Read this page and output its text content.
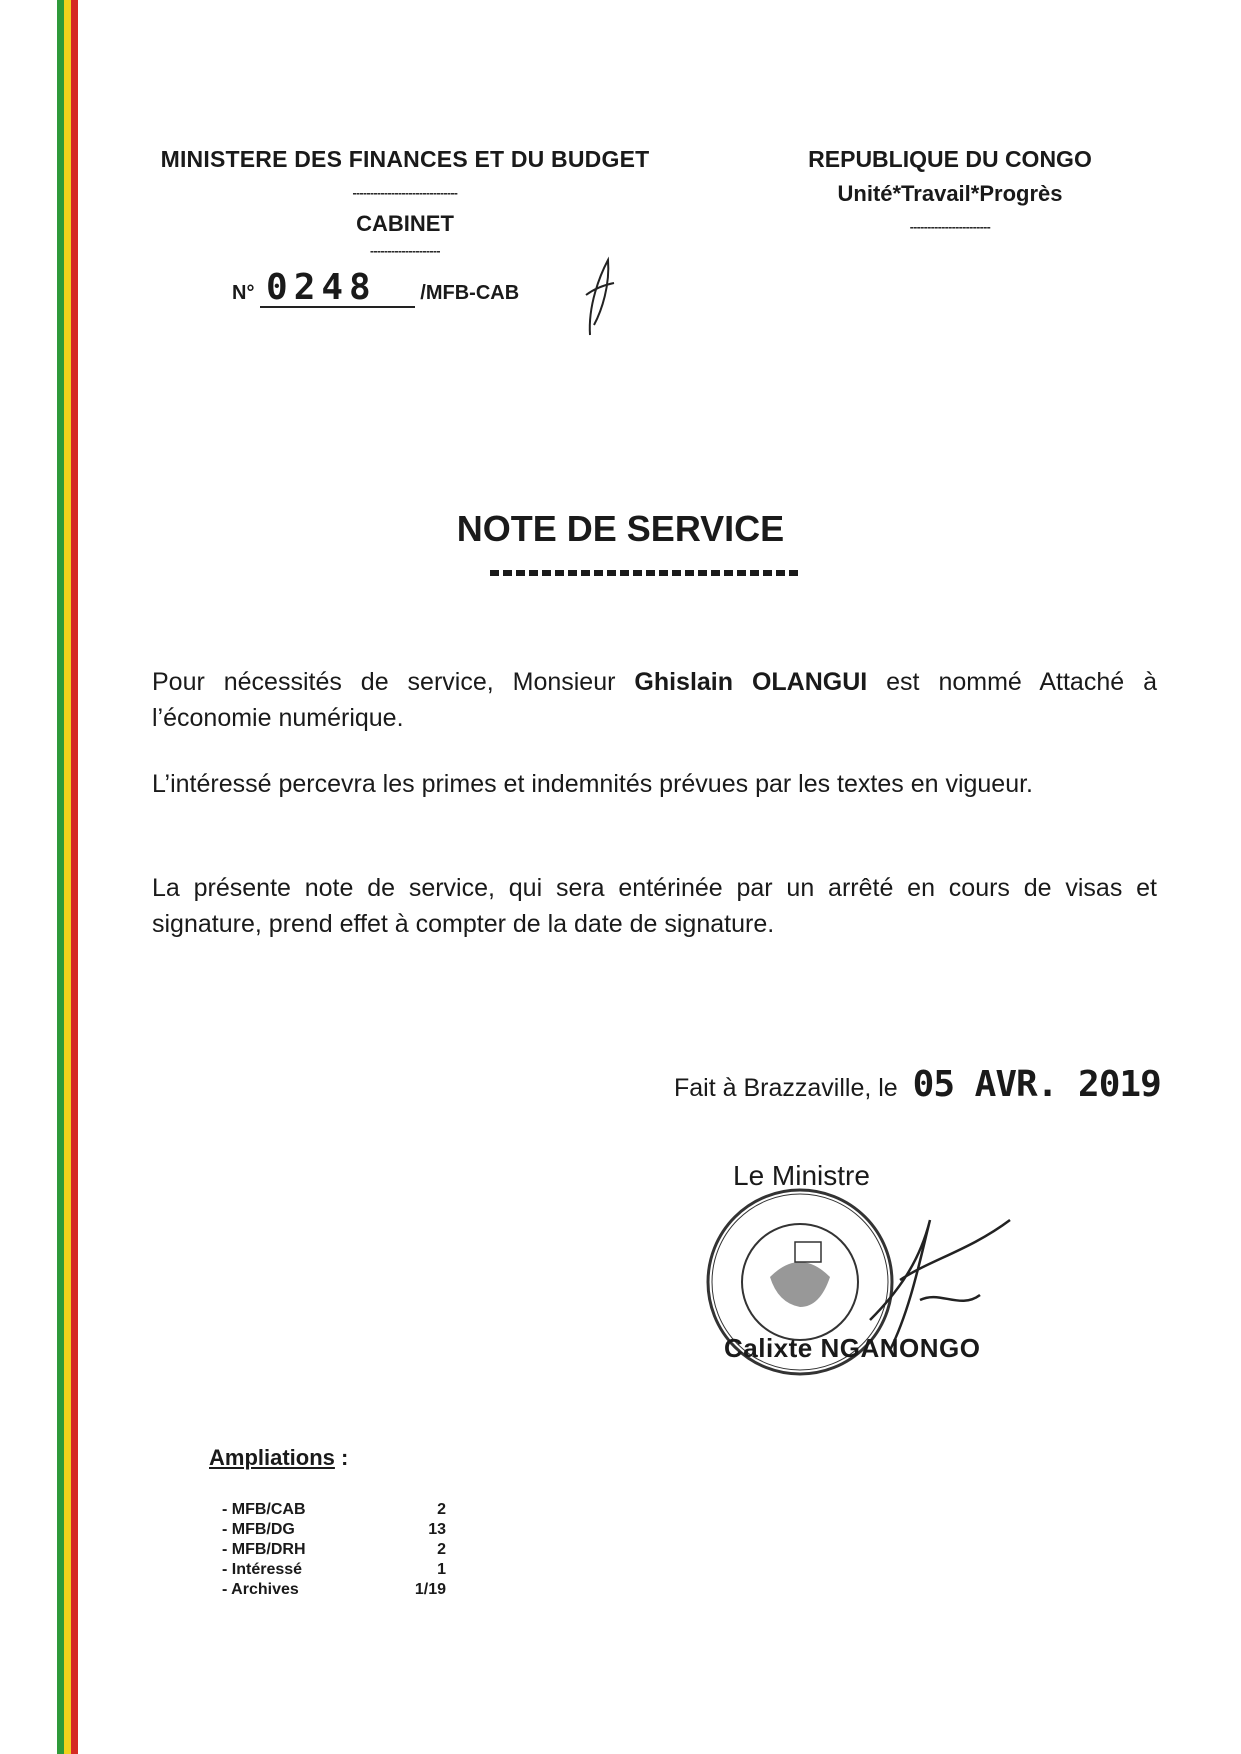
MINISTERE DES FINANCES ET DU BUDGET
------------------------------
CABINET
--------------------
REPUBLIQUE DU CONGO
Unité*Travail*Progrès
-----------------------
N° 0248 /MFB-CAB
NOTE DE SERVICE
Pour nécessités de service, Monsieur Ghislain OLANGUI est nommé Attaché à l’économie numérique.
L’intéressé percevra les primes et indemnités prévues par les textes en vigueur.
La présente note de service, qui sera entérinée par un arrêté en cours de visas et signature, prend effet à compter de la date de signature.
Fait à Brazzaville, le 05 AVR. 2019
Le Ministre
Calixte NGANONGO
Ampliations :
- MFB/CAB	2
- MFB/DG	13
- MFB/DRH	2
- Intéressé	1
- Archives	1/19
